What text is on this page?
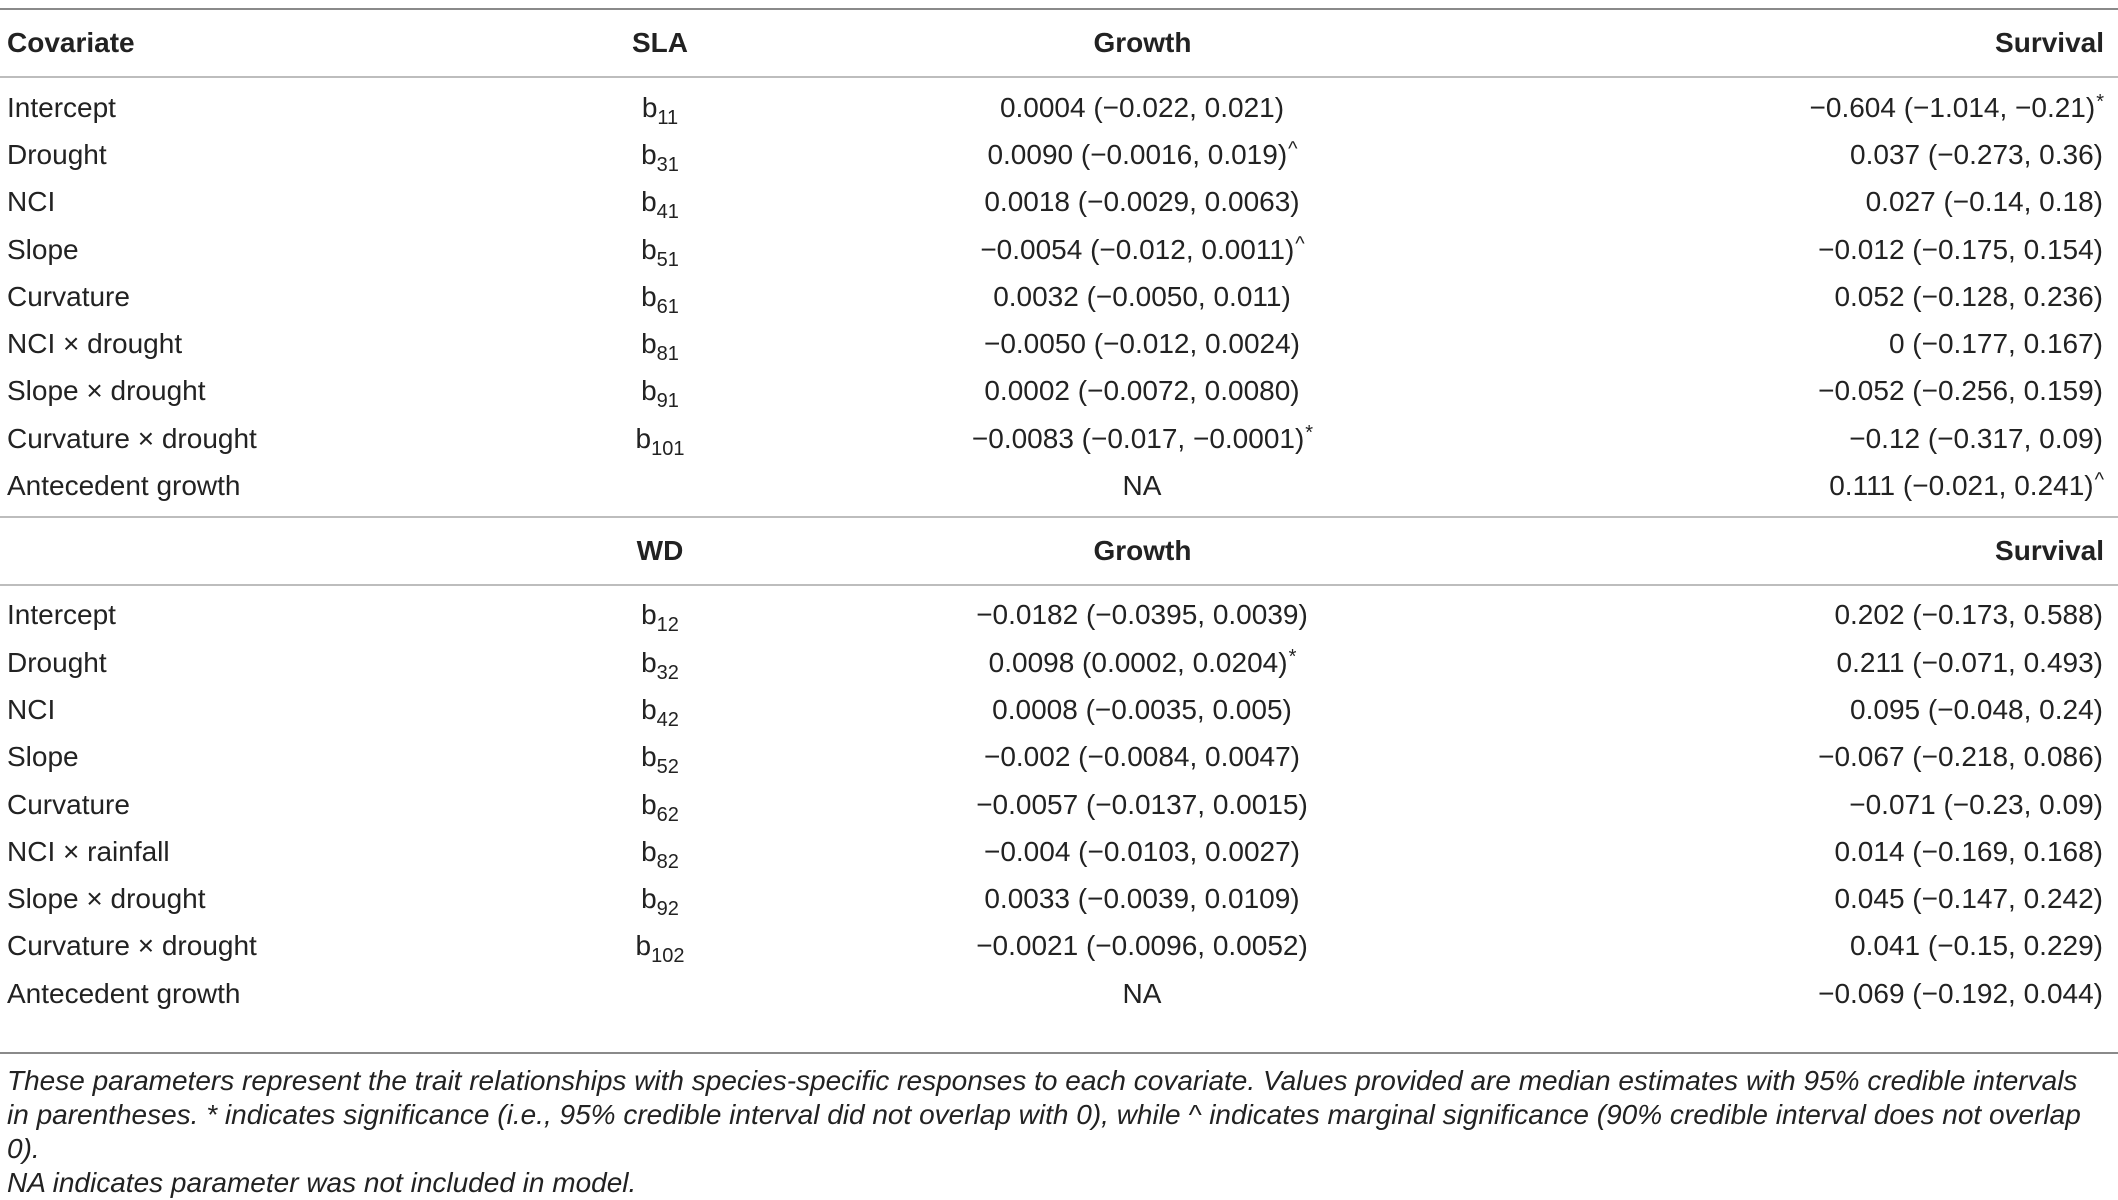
Covariate	SLA	Growth	Survival
Intercept	$b_{11}$	0.0004 (−0.022, 0.021)	−0.604 (−1.014, −0.21)*
Drought	$b_{31}$	0.0090 (−0.0016, 0.019)^	0.037 (−0.273, 0.36)
NCI	$b_{41}$	0.0018 (−0.0029, 0.0063)	0.027 (−0.14, 0.18)
Slope	$b_{51}$	−0.0054 (−0.012, 0.0011)^	−0.012 (−0.175, 0.154)
Curvature	$b_{61}$	0.0032 (−0.0050, 0.011)	0.052 (−0.128, 0.236)
NCI × drought	$b_{81}$	−0.0050 (−0.012, 0.0024)	0 (−0.177, 0.167)
Slope × drought	$b_{91}$	0.0002 (−0.0072, 0.0080)	−0.052 (−0.256, 0.159)
Curvature × drought	$b_{101}$	−0.0083 (−0.017, −0.0001)*	−0.12 (−0.317, 0.09)
Antecedent growth		NA	0.111 (−0.021, 0.241)^
	WD	Growth	Survival
Intercept	$b_{12}$	−0.0182 (−0.0395, 0.0039)	0.202 (−0.173, 0.588)
Drought	$b_{32}$	0.0098 (0.0002, 0.0204)*	0.211 (−0.071, 0.493)
NCI	$b_{42}$	0.0008 (−0.0035, 0.005)	0.095 (−0.048, 0.24)
Slope	$b_{52}$	−0.002 (−0.0084, 0.0047)	−0.067 (−0.218, 0.086)
Curvature	$b_{62}$	−0.0057 (−0.0137, 0.0015)	−0.071 (−0.23, 0.09)
NCI × rainfall	$b_{82}$	−0.004 (−0.0103, 0.0027)	0.014 (−0.169, 0.168)
Slope × drought	$b_{92}$	0.0033 (−0.0039, 0.0109)	0.045 (−0.147, 0.242)
Curvature × drought	$b_{102}$	−0.0021 (−0.0096, 0.0052)	0.041 (−0.15, 0.229)
Antecedent growth		NA	−0.069 (−0.192, 0.044)
These parameters represent the trait relationships with species-specific responses to each covariate. Values provided are median estimates with 95% credible intervals
in parentheses. * indicates significance (i.e., 95% credible interval did not overlap with 0), while ^ indicates marginal significance (90% credible interval does not overlap 0).
NA indicates parameter was not included in model.
